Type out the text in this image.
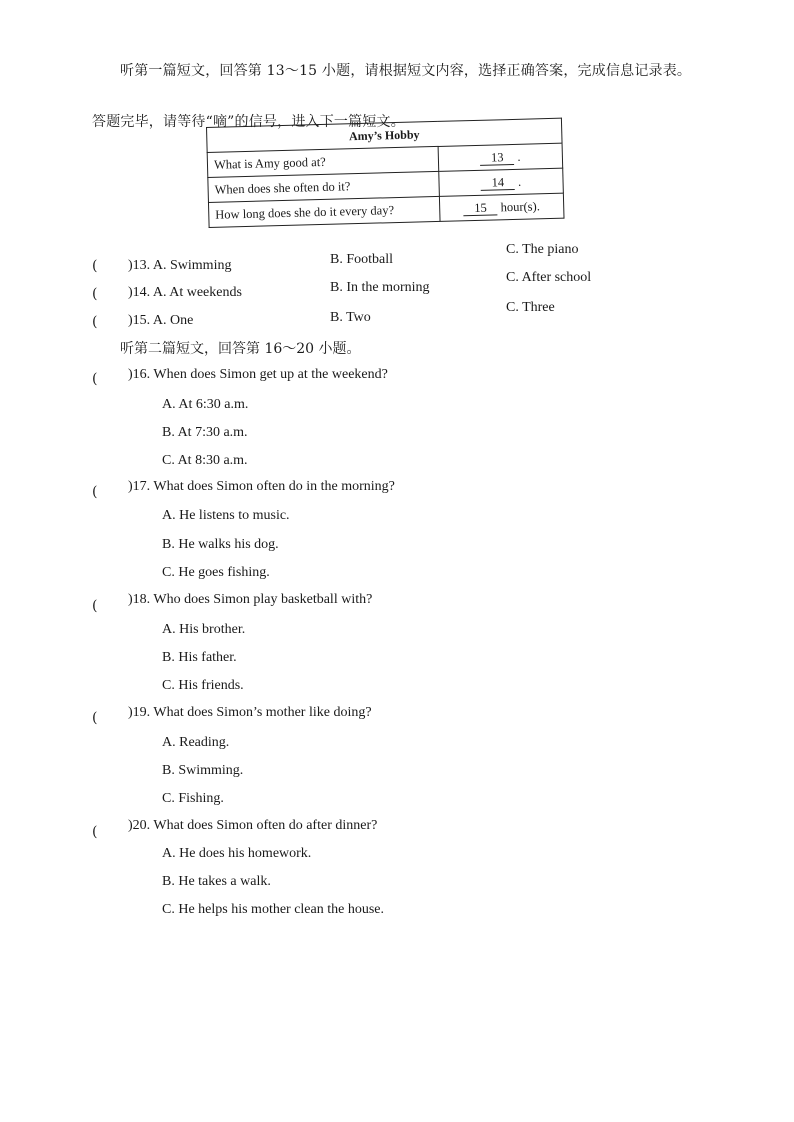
听第一篇短文，回答第 13～15 小题，请根据短文内容，选择正确答案，完成信息记录表。
答题完毕，请等待“嘀”的信号，进入下一篇短文。
Amy’s Hobby	
What is Amy good at?	13 .
When does she often do it?	14 .
How long does she do it every day?	15 hour(s).
( )13. A. Swimming	B. Football
C. The piano
( )14. A. At weekends	B. In the morning
C. After school
( )15. A. One	B. Two
C. Three
听第二篇短文，回答第 16～20 小题。
( )16. When does Simon get up at the weekend?
A. At 6:30 a.m.
B. At 7:30 a.m.
C. At 8:30 a.m.
( )17. What does Simon often do in the morning?
A. He listens to music.
B. He walks his dog.
C. He goes fishing.
( )18. Who does Simon play basketball with?
A. His brother.
B. His father.
C. His friends.
( )19. What does Simon’s mother like doing?
A. Reading.
B. Swimming.
C. Fishing.
( )20. What does Simon often do after dinner?
A. He does his homework.
B. He takes a walk.
C. He helps his mother clean the house.
